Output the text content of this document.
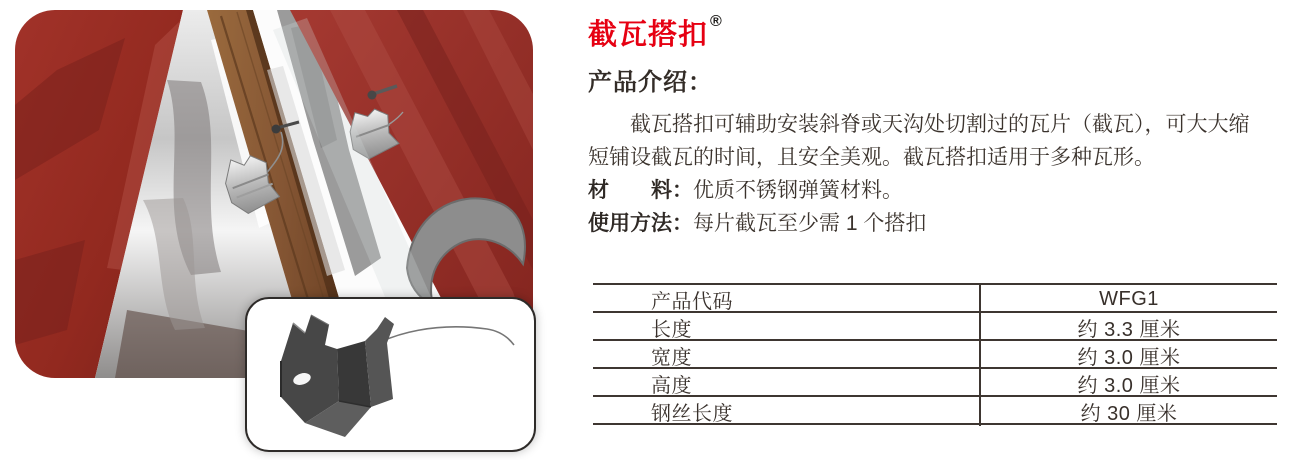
截瓦搭扣 ®
产品介绍：
截瓦搭扣可辅助安装斜脊或天沟处切割过的瓦片（截瓦），可大大缩
短铺设截瓦的时间，且安全美观。截瓦搭扣适用于多种瓦形。
材　　料：优质不锈钢弹簧材料。
使用方法：每片截瓦至少需 1 个搭扣
产品代码	WFG1
长度	约 3.3 厘米
宽度	约 3.0 厘米
高度	约 3.0 厘米
钢丝长度	约 30 厘米
